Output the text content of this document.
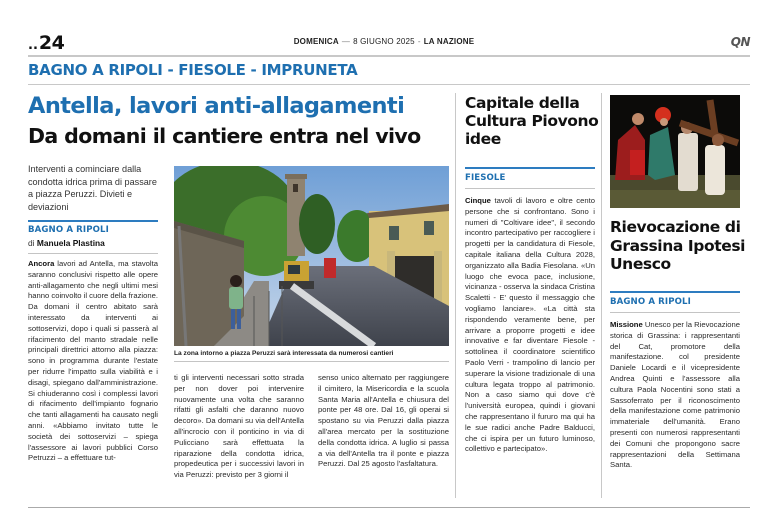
..24	DOMENICA — 8 GIUGNO 2025 - LA NAZIONE	QN
BAGNO A RIPOLI - FIESOLE - IMPRUNETA
Antella, lavori anti-allagamenti
Da domani il cantiere entra nel vivo
Interventi a cominciare dalla condotta idrica prima di passare a piazza Peruzzi. Divieti e deviazioni
BAGNO A RIPOLI
di Manuela Plastina
Ancora lavori ad Antella, ma stavolta saranno conclusivi rispetto alle opere anti-allagamento che negli ultimi mesi hanno coinvolto il cuore della frazione. Da domani il centro abitato sarà interessato da interventi ai sottoservizi, dopo i quali si passerà al rifacimento del manto stradale nelle principali direttrici attorno alla piazza: sono in programma durante l'estate per ridurre l'impatto sulla viabilità e i disagi, spiegano dall'amministrazione. Si chiuderanno così i complessi lavori di rifacimento dell'impianto fognario che tanti allagamenti ha causato negli anni. «Abbiamo invitato tutte le società dei sottoservizi – spiega l'assessore ai lavori pubblici Corso Petruzzi – a effettuare tut-
La zona intorno a piazza Peruzzi sarà interessata da numerosi cantieri
ti gli interventi necessari sotto strada per non dover poi intervenire nuovamente una volta che saranno rifatti gli asfalti che daranno nuovo decoro». Da domani su via dell'Antella all'incrocio con il ponticino in via di Pulicciano sarà effettuata la riparazione della condotta idrica, propedeutica per i successivi lavori in via Peruzzi: previsto per 3 giorni il
senso unico alternato per raggiungere il cimitero, la Misericordia e la scuola Santa Maria all'Antella e chiusura del ponte per 48 ore. Dal 16, gli operai si spostano su via Peruzzi dalla piazza all'area mercato per la sostituzione della condotta idrica. A luglio si passa a via dell'Antella tra il ponte e piazza Peruzzi. Dal 25 agosto l'asfaltatura.
Capitale della Cultura Piovono idee
FIESOLE
Cinque tavoli di lavoro e oltre cento persone che si confrontano. Sono i numeri di "Coltivare idee", il secondo incontro partecipativo per raccogliere i progetti per la candidatura di Fiesole, capitale italiana della Cultura 2028, organizzato alla Badia Fiesolana. «Un luogo che evoca pace, inclusione, vicinanza - osserva la sindaca Cristina Scaletti - E' questo il messaggio che vogliamo lanciare». «La città sta rispondendo veramente bene, per arrivare a proporre progetti e idee innovative e far diventare Fiesole - sottolinea il coordinatore scientifico Paolo Verri - trampolino di lancio per superare la visione tradizionale di una cultura legata troppo al patrimonio. Non a caso siamo qui dove c'è l'università europea, quindi i giovani che rappresentano il fururo ma qui ha le sue radici anche Padre Balducci, che ci ispira per un futuro luminoso, collettivo e partecipato».
Rievocazione di Grassina Ipotesi Unesco
BAGNO A RIPOLI
Missione Unesco per la Rievocazione storica di Grassina: i rappresentanti del Cat, promotore della manifestazione. col presidente Daniele Locardi e il vicepresidente Andrea Quinti e l'assessore alla cultura Paola Nocentini sono stati a Sassoferrato per il riconoscimento della manifestazione come patrimonio immateriale dell'umanità. Erano presenti con numerosi rappresentanti dei Comuni che propongono sacre rappresentazioni della Settimana Santa.
